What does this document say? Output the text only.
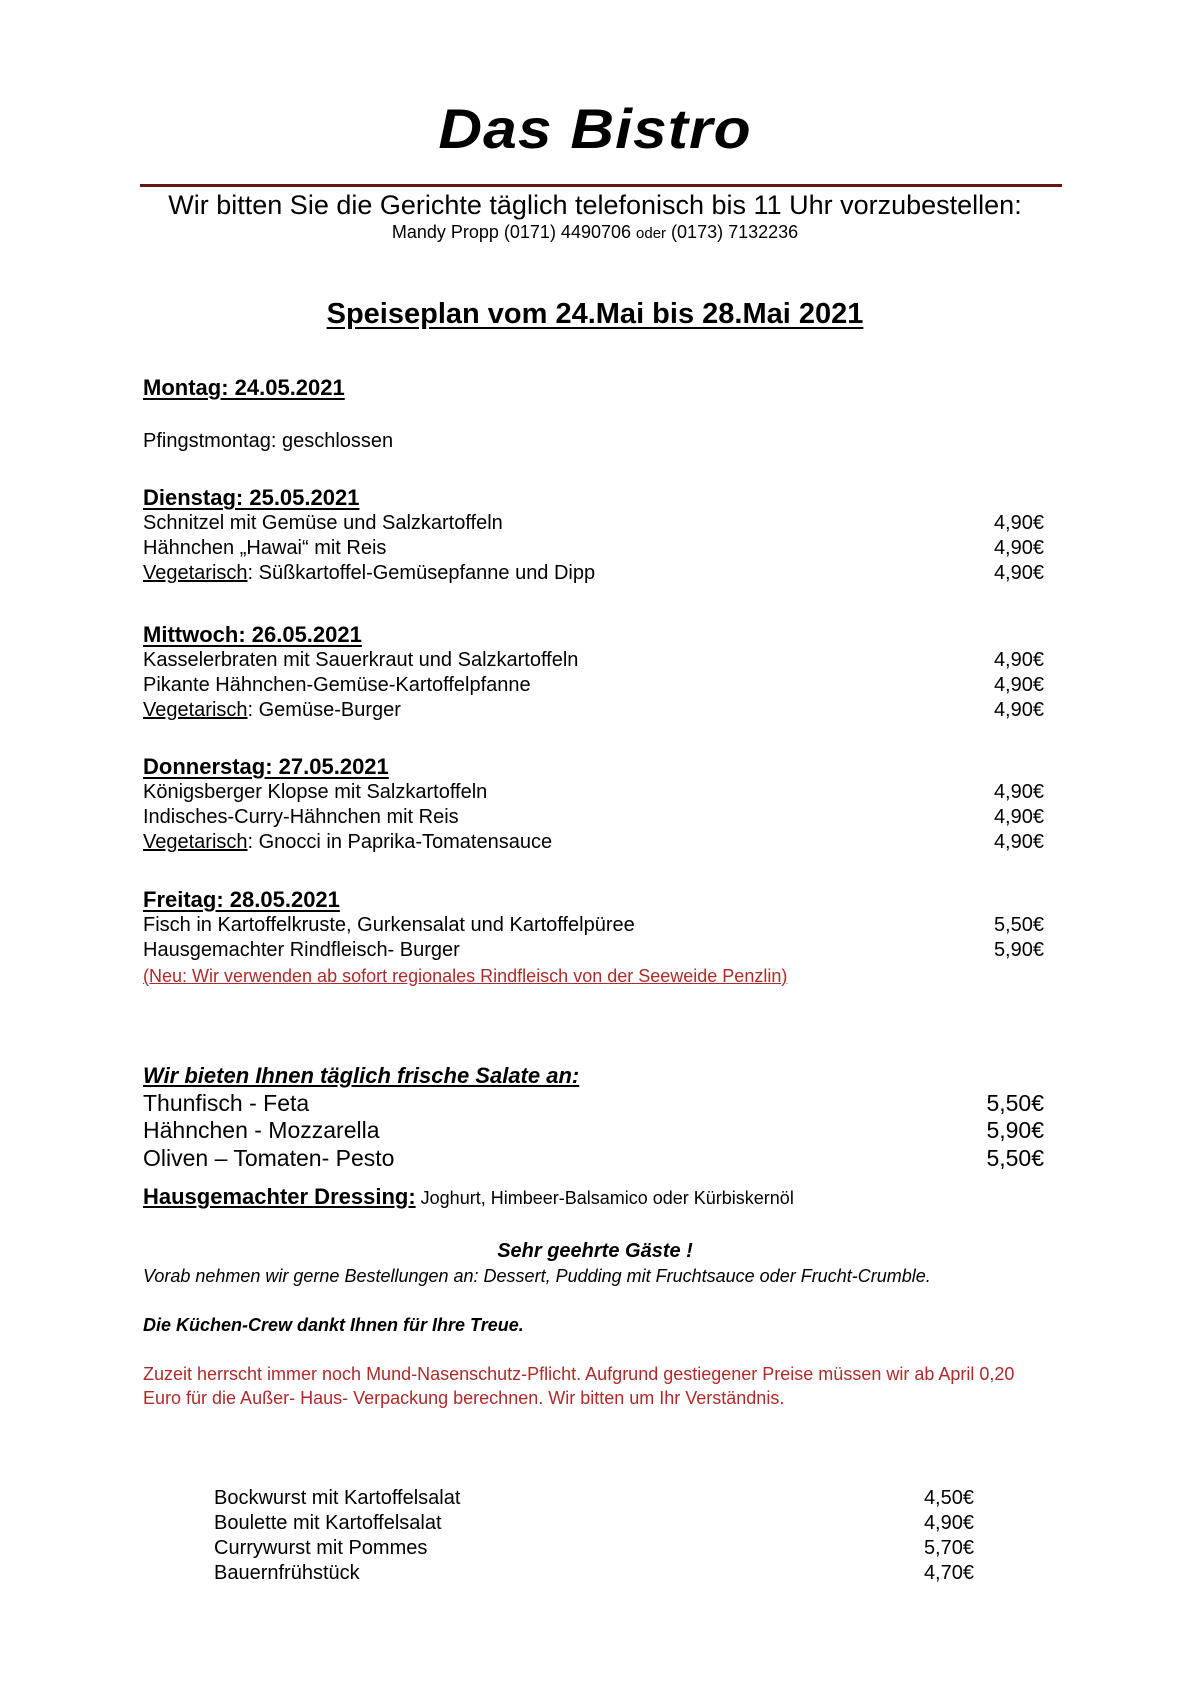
Das Bistro
Wir bitten Sie die Gerichte täglich telefonisch bis 11 Uhr vorzubestellen:
Mandy Propp (0171) 4490706 oder (0173) 7132236
Speiseplan vom 24.Mai bis 28.Mai 2021
Montag: 24.05.2021
Pfingstmontag: geschlossen
Dienstag: 25.05.2021
Schnitzel mit Gemüse und Salzkartoffeln	4,90€
Hähnchen „Hawai“ mit Reis	4,90€
Vegetarisch: Süßkartoffel-Gemüsepfanne und Dipp	4,90€
Mittwoch: 26.05.2021
Kasselerbraten mit Sauerkraut und Salzkartoffeln	4,90€
Pikante Hähnchen-Gemüse-Kartoffelpfanne	4,90€
Vegetarisch: Gemüse-Burger	4,90€
Donnerstag: 27.05.2021
Königsberger Klopse mit Salzkartoffeln	4,90€
Indisches-Curry-Hähnchen mit Reis	4,90€
Vegetarisch: Gnocci in Paprika-Tomatensauce	4,90€
Freitag: 28.05.2021
Fisch in Kartoffelkruste, Gurkensalat und Kartoffelpüree	5,50€
Hausgemachter Rindfleisch- Burger	5,90€
(Neu: Wir verwenden ab sofort regionales Rindfleisch von der Seeweide Penzlin)
Wir bieten Ihnen täglich frische Salate an:
Thunfisch - Feta	5,50€
Hähnchen - Mozzarella	5,90€
Oliven – Tomaten- Pesto	5,50€
Hausgemachter Dressing: Joghurt, Himbeer-Balsamico oder Kürbiskernöl
Sehr geehrte Gäste !
Vorab nehmen wir gerne Bestellungen an: Dessert, Pudding mit Fruchtsauce oder Frucht-Crumble.
Die Küchen-Crew dankt Ihnen für Ihre Treue.
Zuzeit herrscht immer noch Mund-Nasenschutz-Pflicht. Aufgrund gestiegener Preise müssen wir ab April 0,20 Euro für die Außer- Haus- Verpackung berechnen. Wir bitten um Ihr Verständnis.
Bockwurst mit Kartoffelsalat	4,50€
Boulette mit Kartoffelsalat	4,90€
Currywurst mit Pommes	5,70€
Bauernfrühstück	4,70€
